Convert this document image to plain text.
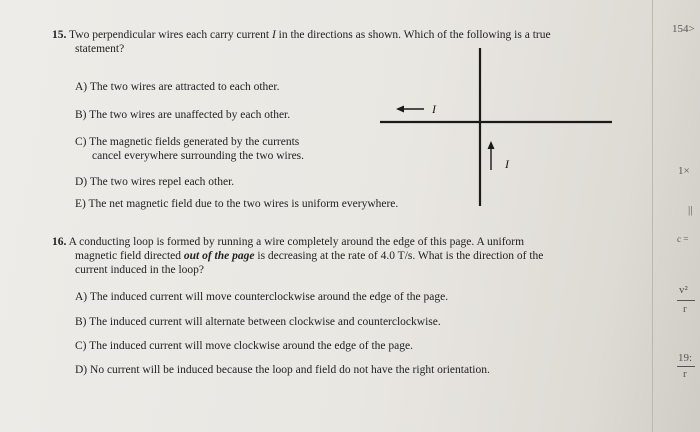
15. Two perpendicular wires each carry current I in the directions as shown. Which of the following is a true
statement?
A) The two wires are attracted to each other.
B) The two wires are unaffected by each other.
C) The magnetic fields generated by the currents
cancel everywhere surrounding the two wires.
D) The two wires repel each other.
E) The net magnetic field due to the two wires is uniform everywhere.
I
I
16. A conducting loop is formed by running a wire completely around the edge of this page. A uniform
magnetic field directed out of the page is decreasing at the rate of 4.0 T/s. What is the direction of the
current induced in the loop?
A) The induced current will move counterclockwise around the edge of the page.
B) The induced current will alternate between clockwise and counterclockwise.
C) The induced current will move clockwise around the edge of the page.
D) No current will be induced because the loop and field do not have the right orientation.
154>
1×
||
c =
v²
r
19:
r
